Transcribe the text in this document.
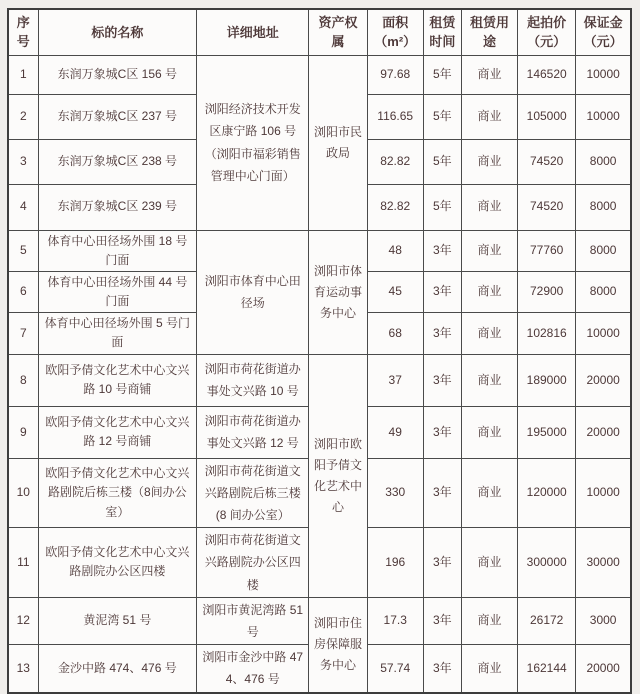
序号	标的名称	详细地址	资产权属	面积（m²）	租赁时间	租赁用途	起拍价（元）	保证金（元）
1	东润万象城C区 156 号	浏阳经济技术开发区康宁路 106 号（浏阳市福彩销售管理中心门面）	浏阳市民政局	97.68	5年	商业	146520	10000
2	东润万象城C区 237 号			116.65	5年	商业	105000	10000
3	东润万象城C区 238 号			82.82	5年	商业	74520	8000
4	东润万象城C区 239 号			82.82	5年	商业	74520	8000
5	体育中心田径场外围 18 号门面	浏阳市体育中心田径场	浏阳市体育运动事务中心	48	3年	商业	77760	8000
6	体育中心田径场外围 44 号门面			45	3年	商业	72900	8000
7	体育中心田径场外围 5 号门面			68	3年	商业	102816	10000
8	欧阳予倩文化艺术中心文兴路 10 号商铺	浏阳市荷花街道办事处文兴路 10 号	浏阳市欧阳予倩文化艺术中心	37	3年	商业	189000	20000
9	欧阳予倩文化艺术中心文兴路 12 号商铺	浏阳市荷花街道办事处文兴路 12 号		49	3年	商业	195000	20000
10	欧阳予倩文化艺术中心文兴路剧院后栋三楼（8间办公室）	浏阳市荷花街道文兴路剧院后栋三楼(8 间办公室）		330	3年	商业	120000	10000
11	欧阳予倩文化艺术中心文兴路剧院办公区四楼	浏阳市荷花街道文兴路剧院办公区四楼		196	3年	商业	300000	30000
12	黄泥湾 51 号	浏阳市黄泥湾路 51 号	浏阳市住房保障服务中心	17.3	3年	商业	26172	3000
13	金沙中路 474、476 号	浏阳市金沙中路 474、476 号		57.74	3年	商业	162144	20000
